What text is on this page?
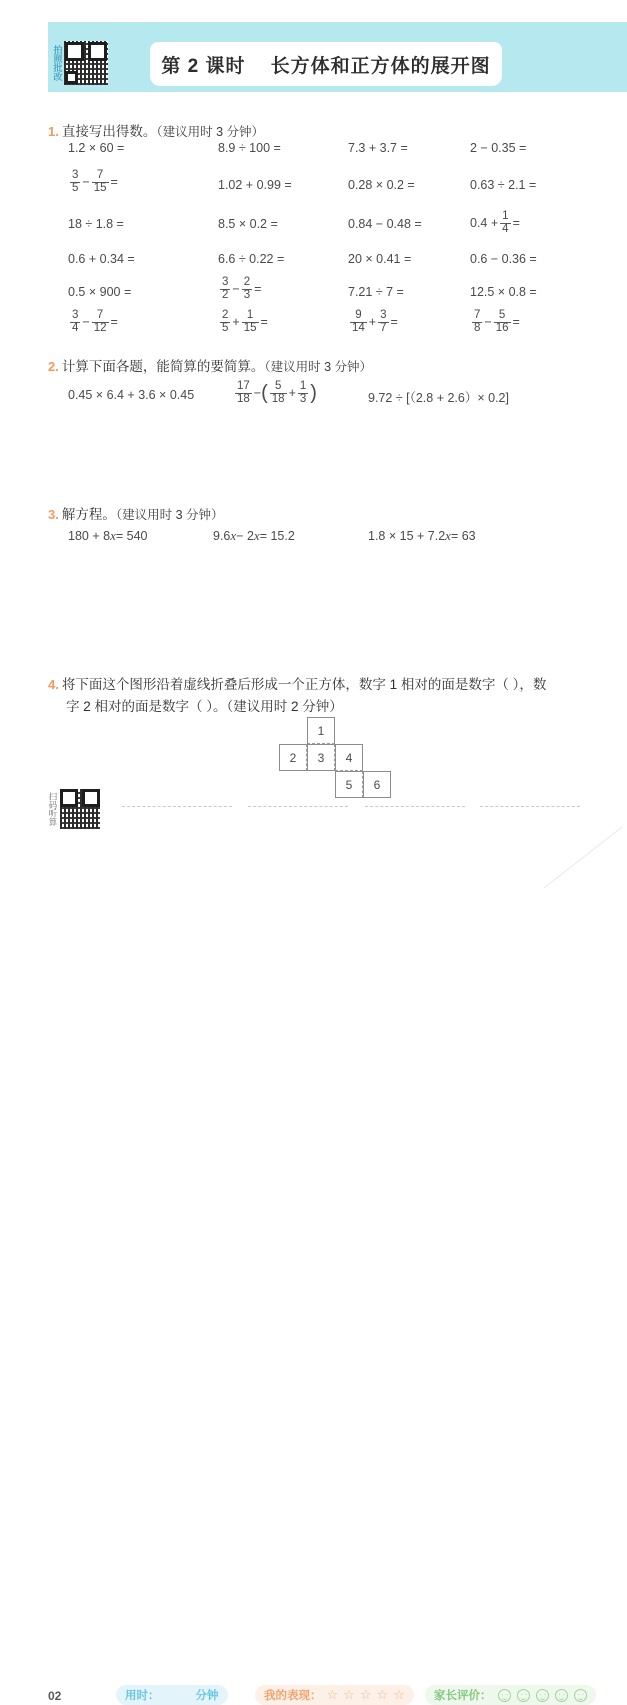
拍照批改	第 2 课时    长方体和正方体的展开图
1. 直接写出得数。（建议用时 3 分钟）
1.2 × 60 =	8.9 ÷ 100 =	7.3 + 3.7 =	2 − 0.35 =
$\frac{3}{5} - \frac{7}{15}$ =	1.02 + 0.99 =	0.28 × 0.2 =	0.63 ÷ 2.1 =
18 ÷ 1.8 =	8.5 × 0.2 =	0.84 − 0.48 =	$0.4 + \frac{1}{4}$ =
0.6 + 0.34 =	6.6 ÷ 0.22 =	20 × 0.41 =	0.6 − 0.36 =
0.5 × 900 =	$\frac{3}{2} - \frac{2}{3}$ =	7.21 ÷ 7 =	12.5 × 0.8 =
$\frac{3}{4} - \frac{7}{12}$ =	$\frac{2}{5} + \frac{1}{15}$ =	$\frac{9}{14} + \frac{3}{7}$ =	$\frac{7}{8} - \frac{5}{16}$ =
2. 计算下面各题，能简算的要简算。（建议用时 3 分钟）
0.45 × 6.4 + 3.6 × 0.45	$\frac{17}{18}$ − ( $\frac{5}{18} + \frac{1}{3}$ )	9.72 ÷ [（2.8 + 2.6）× 0.2]
3. 解方程。（建议用时 3 分钟）
180 + 8 x = 540	9.6 x − 2 x = 15.2	1.8 × 15 + 7.2 x = 63
4. 将下面这个图形沿着虚线折叠后形成一个正方体，数字 1 相对的面是数字（ ），数
字 2 相对的面是数字（ ）。（建议用时 2 分钟）
1
2	3	4
5	6
扫码听算
02	用时：	分钟	我的表现： ☆ ☆ ☆ ☆ ☆	家长评价：
